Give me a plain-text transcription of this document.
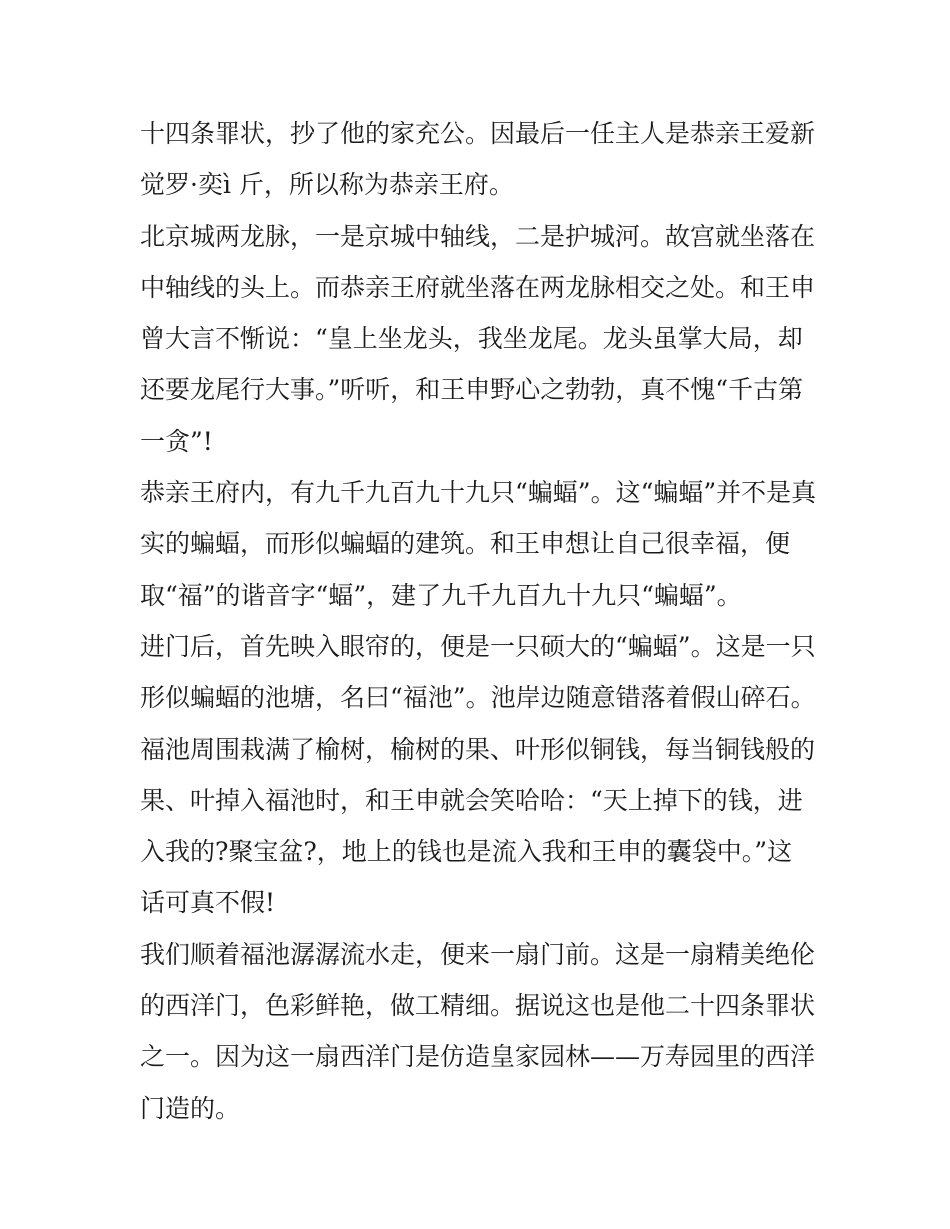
十四条罪状，抄了他的家充公。因最后一任主人是恭亲王爱新
觉罗·奕ì 斤，所以称为恭亲王府。
北京城两龙脉，一是京城中轴线，二是护城河。故宫就坐落在
中轴线的头上。而恭亲王府就坐落在两龙脉相交之处。和王申
曾大言不惭说：“皇上坐龙头，我坐龙尾。龙头虽掌大局，却
还要龙尾行大事。”听听，和王申野心之勃勃，真不愧“千古第
一贪”!
恭亲王府内，有九千九百九十九只“蝙蝠”。这“蝙蝠”并不是真
实的蝙蝠，而形似蝙蝠的建筑。和王申想让自己很幸福，便
取“福”的谐音字“蝠”，建了九千九百九十九只“蝙蝠”。
进门后，首先映入眼帘的，便是一只硕大的“蝙蝠”。这是一只
形似蝙蝠的池塘，名曰“福池”。池岸边随意错落着假山碎石。
福池周围栽满了榆树，榆树的果、叶形似铜钱，每当铜钱般的
果、叶掉入福池时，和王申就会笑哈哈：“天上掉下的钱，进
入我的?聚宝盆?，地上的钱也是流入我和王申的囊袋中。”这
话可真不假!
我们顺着福池潺潺流水走，便来一扇门前。这是一扇精美绝伦
的西洋门，色彩鲜艳，做工精细。据说这也是他二十四条罪状
之一。因为这一扇西洋门是仿造皇家园林——万寿园里的西洋
门造的。
